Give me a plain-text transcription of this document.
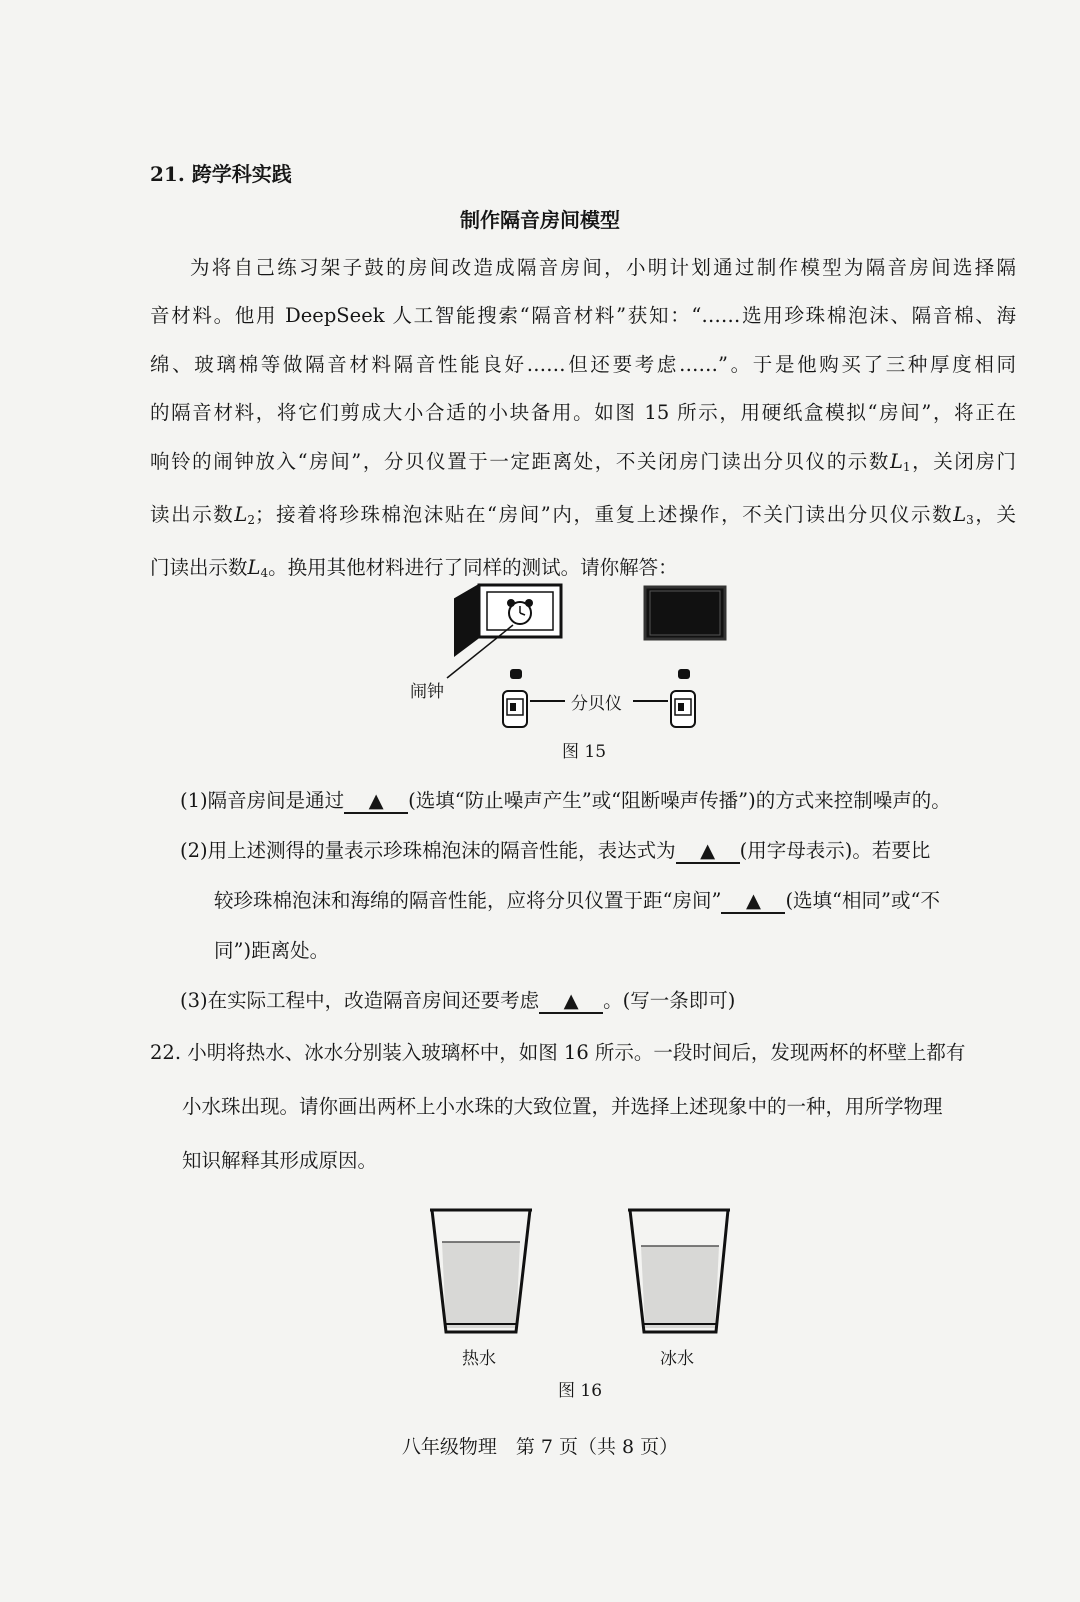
21. 跨学科实践
制作隔音房间模型
为将自己练习架子鼓的房间改造成隔音房间，小明计划通过制作模型为隔音房间选择隔
音材料。他用 DeepSeek 人工智能搜索“隔音材料”获知：“……选用珍珠棉泡沫、隔音棉、海
绵、玻璃棉等做隔音材料隔音性能良好……但还要考虑……”。于是他购买了三种厚度相同
的隔音材料，将它们剪成大小合适的小块备用。如图 15 所示，用硬纸盒模拟“房间”，将正在
响铃的闹钟放入“房间”，分贝仪置于一定距离处，不关闭房门读出分贝仪的示数$L_1$，关闭房门
读出示数$L_2$；接着将珍珠棉泡沫贴在“房间”内，重复上述操作，不关门读出分贝仪示数$L_3$，关
门读出示数$L_4$。换用其他材料进行了同样的测试。请你解答：
闹钟
分贝仪
图 15
(1)隔音房间是通过 ▲ (选填“防止噪声产生”或“阻断噪声传播”)的方式来控制噪声的。
(2)用上述测得的量表示珍珠棉泡沫的隔音性能，表达式为 ▲ (用字母表示)。若要比
较珍珠棉泡沫和海绵的隔音性能，应将分贝仪置于距“房间” ▲ (选填“相同”或“不
同”)距离处。
(3)在实际工程中，改造隔音房间还要考虑 ▲ 。(写一条即可)
22. 小明将热水、冰水分别装入玻璃杯中，如图 16 所示。一段时间后，发现两杯的杯壁上都有
小水珠出现。请你画出两杯上小水珠的大致位置，并选择上述现象中的一种，用所学物理
知识解释其形成原因。
热水	冰水
图 16
八年级物理　第 7 页（共 8 页）
